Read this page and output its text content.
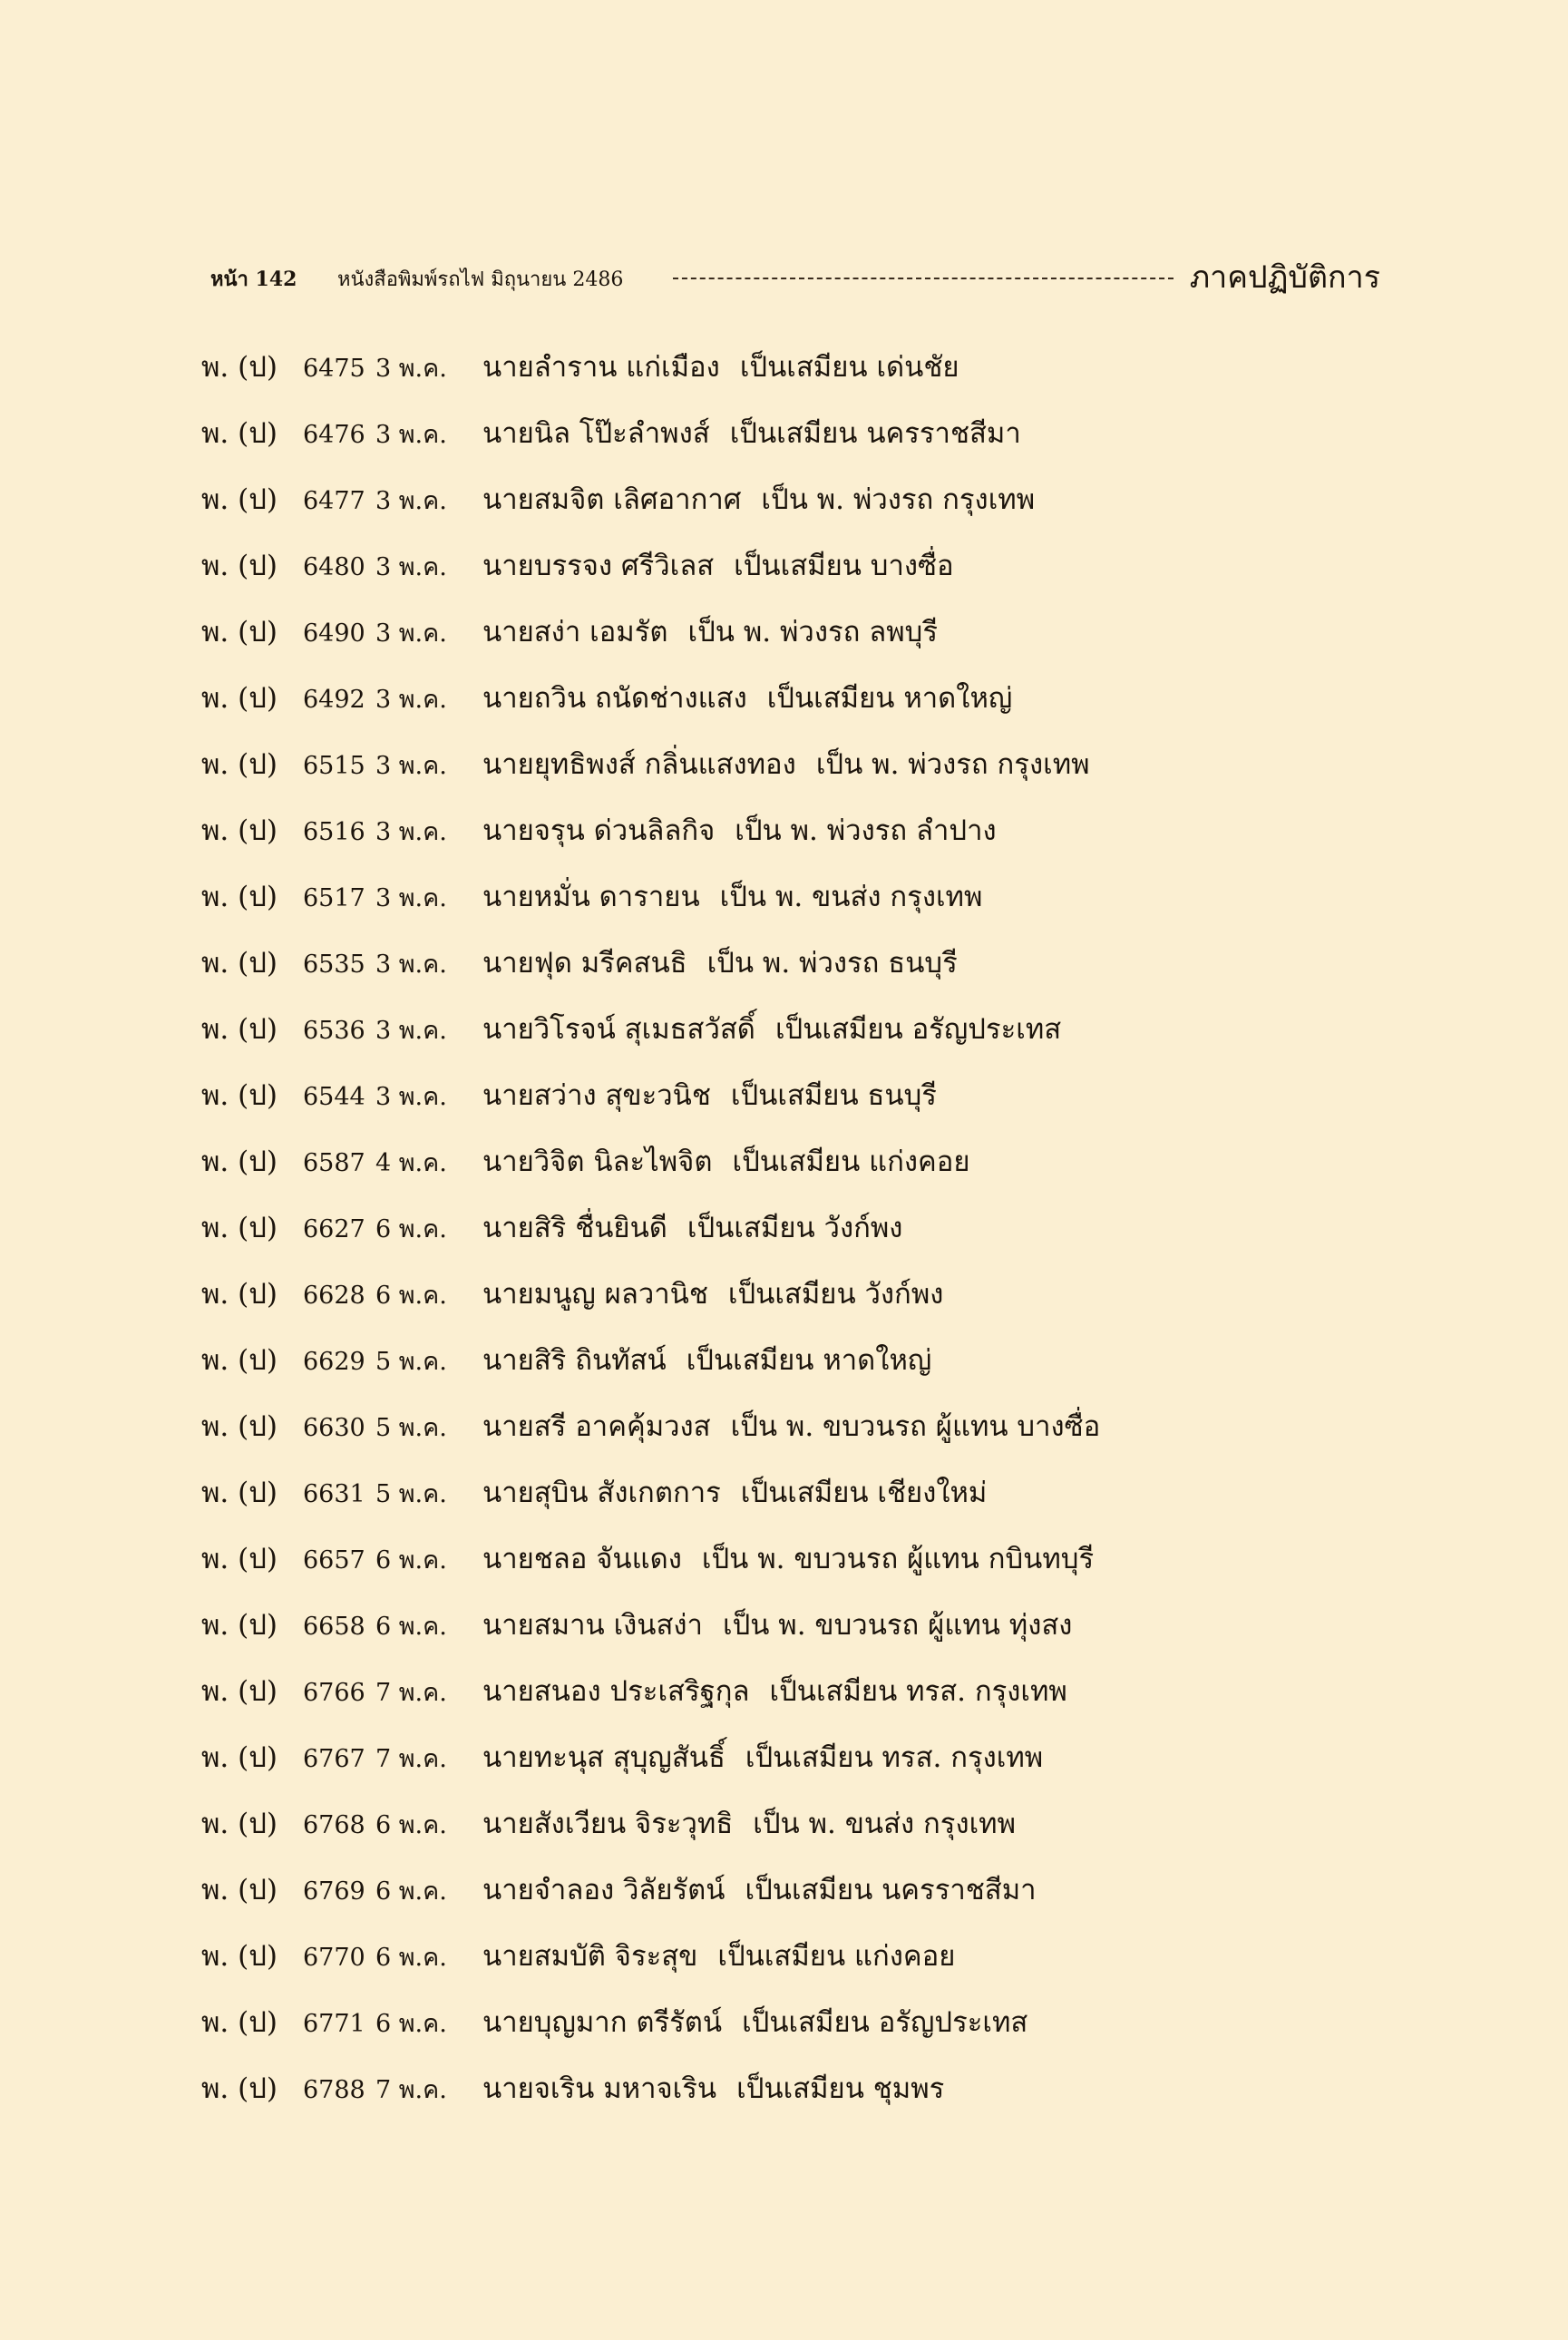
หน้า 142 หนังสือพิมพ์รถไฟ มิถุนายน 2486	ภาคปฏิบัติการ
พ. (ป) 6475 3 พ.ค. นายลำราน แก่เมือง เป็นเสมียน เด่นชัย
พ. (ป) 6476 3 พ.ค. นายนิล โป๊ะลำพงส์ เป็นเสมียน นครราชสีมา
พ. (ป) 6477 3 พ.ค. นายสมจิต เลิศอากาศ เป็น พ. พ่วงรถ กรุงเทพ
พ. (ป) 6480 3 พ.ค. นายบรรจง ศรีวิเลส เป็นเสมียน บางซื่อ
พ. (ป) 6490 3 พ.ค. นายสง่า เอมรัต เป็น พ. พ่วงรถ ลพบุรี
พ. (ป) 6492 3 พ.ค. นายถวิน ถนัดช่างแสง เป็นเสมียน หาดใหญ่
พ. (ป) 6515 3 พ.ค. นายยุทธิพงส์ กลิ่นแสงทอง เป็น พ. พ่วงรถ กรุงเทพ
พ. (ป) 6516 3 พ.ค. นายจรุน ด่วนลิลกิจ เป็น พ. พ่วงรถ ลำปาง
พ. (ป) 6517 3 พ.ค. นายหมั่น ดารายน เป็น พ. ขนส่ง กรุงเทพ
พ. (ป) 6535 3 พ.ค. นายฟุด มรีคสนธิ เป็น พ. พ่วงรถ ธนบุรี
พ. (ป) 6536 3 พ.ค. นายวิโรจน์ สุเมธสวัสดิ์ เป็นเสมียน อรัญประเทส
พ. (ป) 6544 3 พ.ค. นายสว่าง สุขะวนิช เป็นเสมียน ธนบุรี
พ. (ป) 6587 4 พ.ค. นายวิจิต นิละไพจิต เป็นเสมียน แก่งคอย
พ. (ป) 6627 6 พ.ค. นายสิริ ชื่นยินดี เป็นเสมียน วังก์พง
พ. (ป) 6628 6 พ.ค. นายมนูญ ผลวานิช เป็นเสมียน วังก์พง
พ. (ป) 6629 5 พ.ค. นายสิริ ถินทัสน์ เป็นเสมียน หาดใหญ่
พ. (ป) 6630 5 พ.ค. นายสรี อาคคุ้มวงส เป็น พ. ขบวนรถ ผู้แทน บางซื่อ
พ. (ป) 6631 5 พ.ค. นายสุบิน สังเกตการ เป็นเสมียน เชียงใหม่
พ. (ป) 6657 6 พ.ค. นายชลอ จันแดง เป็น พ. ขบวนรถ ผู้แทน กบินทบุรี
พ. (ป) 6658 6 พ.ค. นายสมาน เงินสง่า เป็น พ. ขบวนรถ ผู้แทน ทุ่งสง
พ. (ป) 6766 7 พ.ค. นายสนอง ประเสริฐกุล เป็นเสมียน ทรส. กรุงเทพ
พ. (ป) 6767 7 พ.ค. นายทะนุส สุบุญสันธิ์ เป็นเสมียน ทรส. กรุงเทพ
พ. (ป) 6768 6 พ.ค. นายสังเวียน จิระวุทธิ เป็น พ. ขนส่ง กรุงเทพ
พ. (ป) 6769 6 พ.ค. นายจำลอง วิลัยรัตน์ เป็นเสมียน นครราชสีมา
พ. (ป) 6770 6 พ.ค. นายสมบัติ จิระสุข เป็นเสมียน แก่งคอย
พ. (ป) 6771 6 พ.ค. นายบุญมาก ตรีรัตน์ เป็นเสมียน อรัญประเทส
พ. (ป) 6788 7 พ.ค. นายจเริน มหาจเริน เป็นเสมียน ชุมพร
